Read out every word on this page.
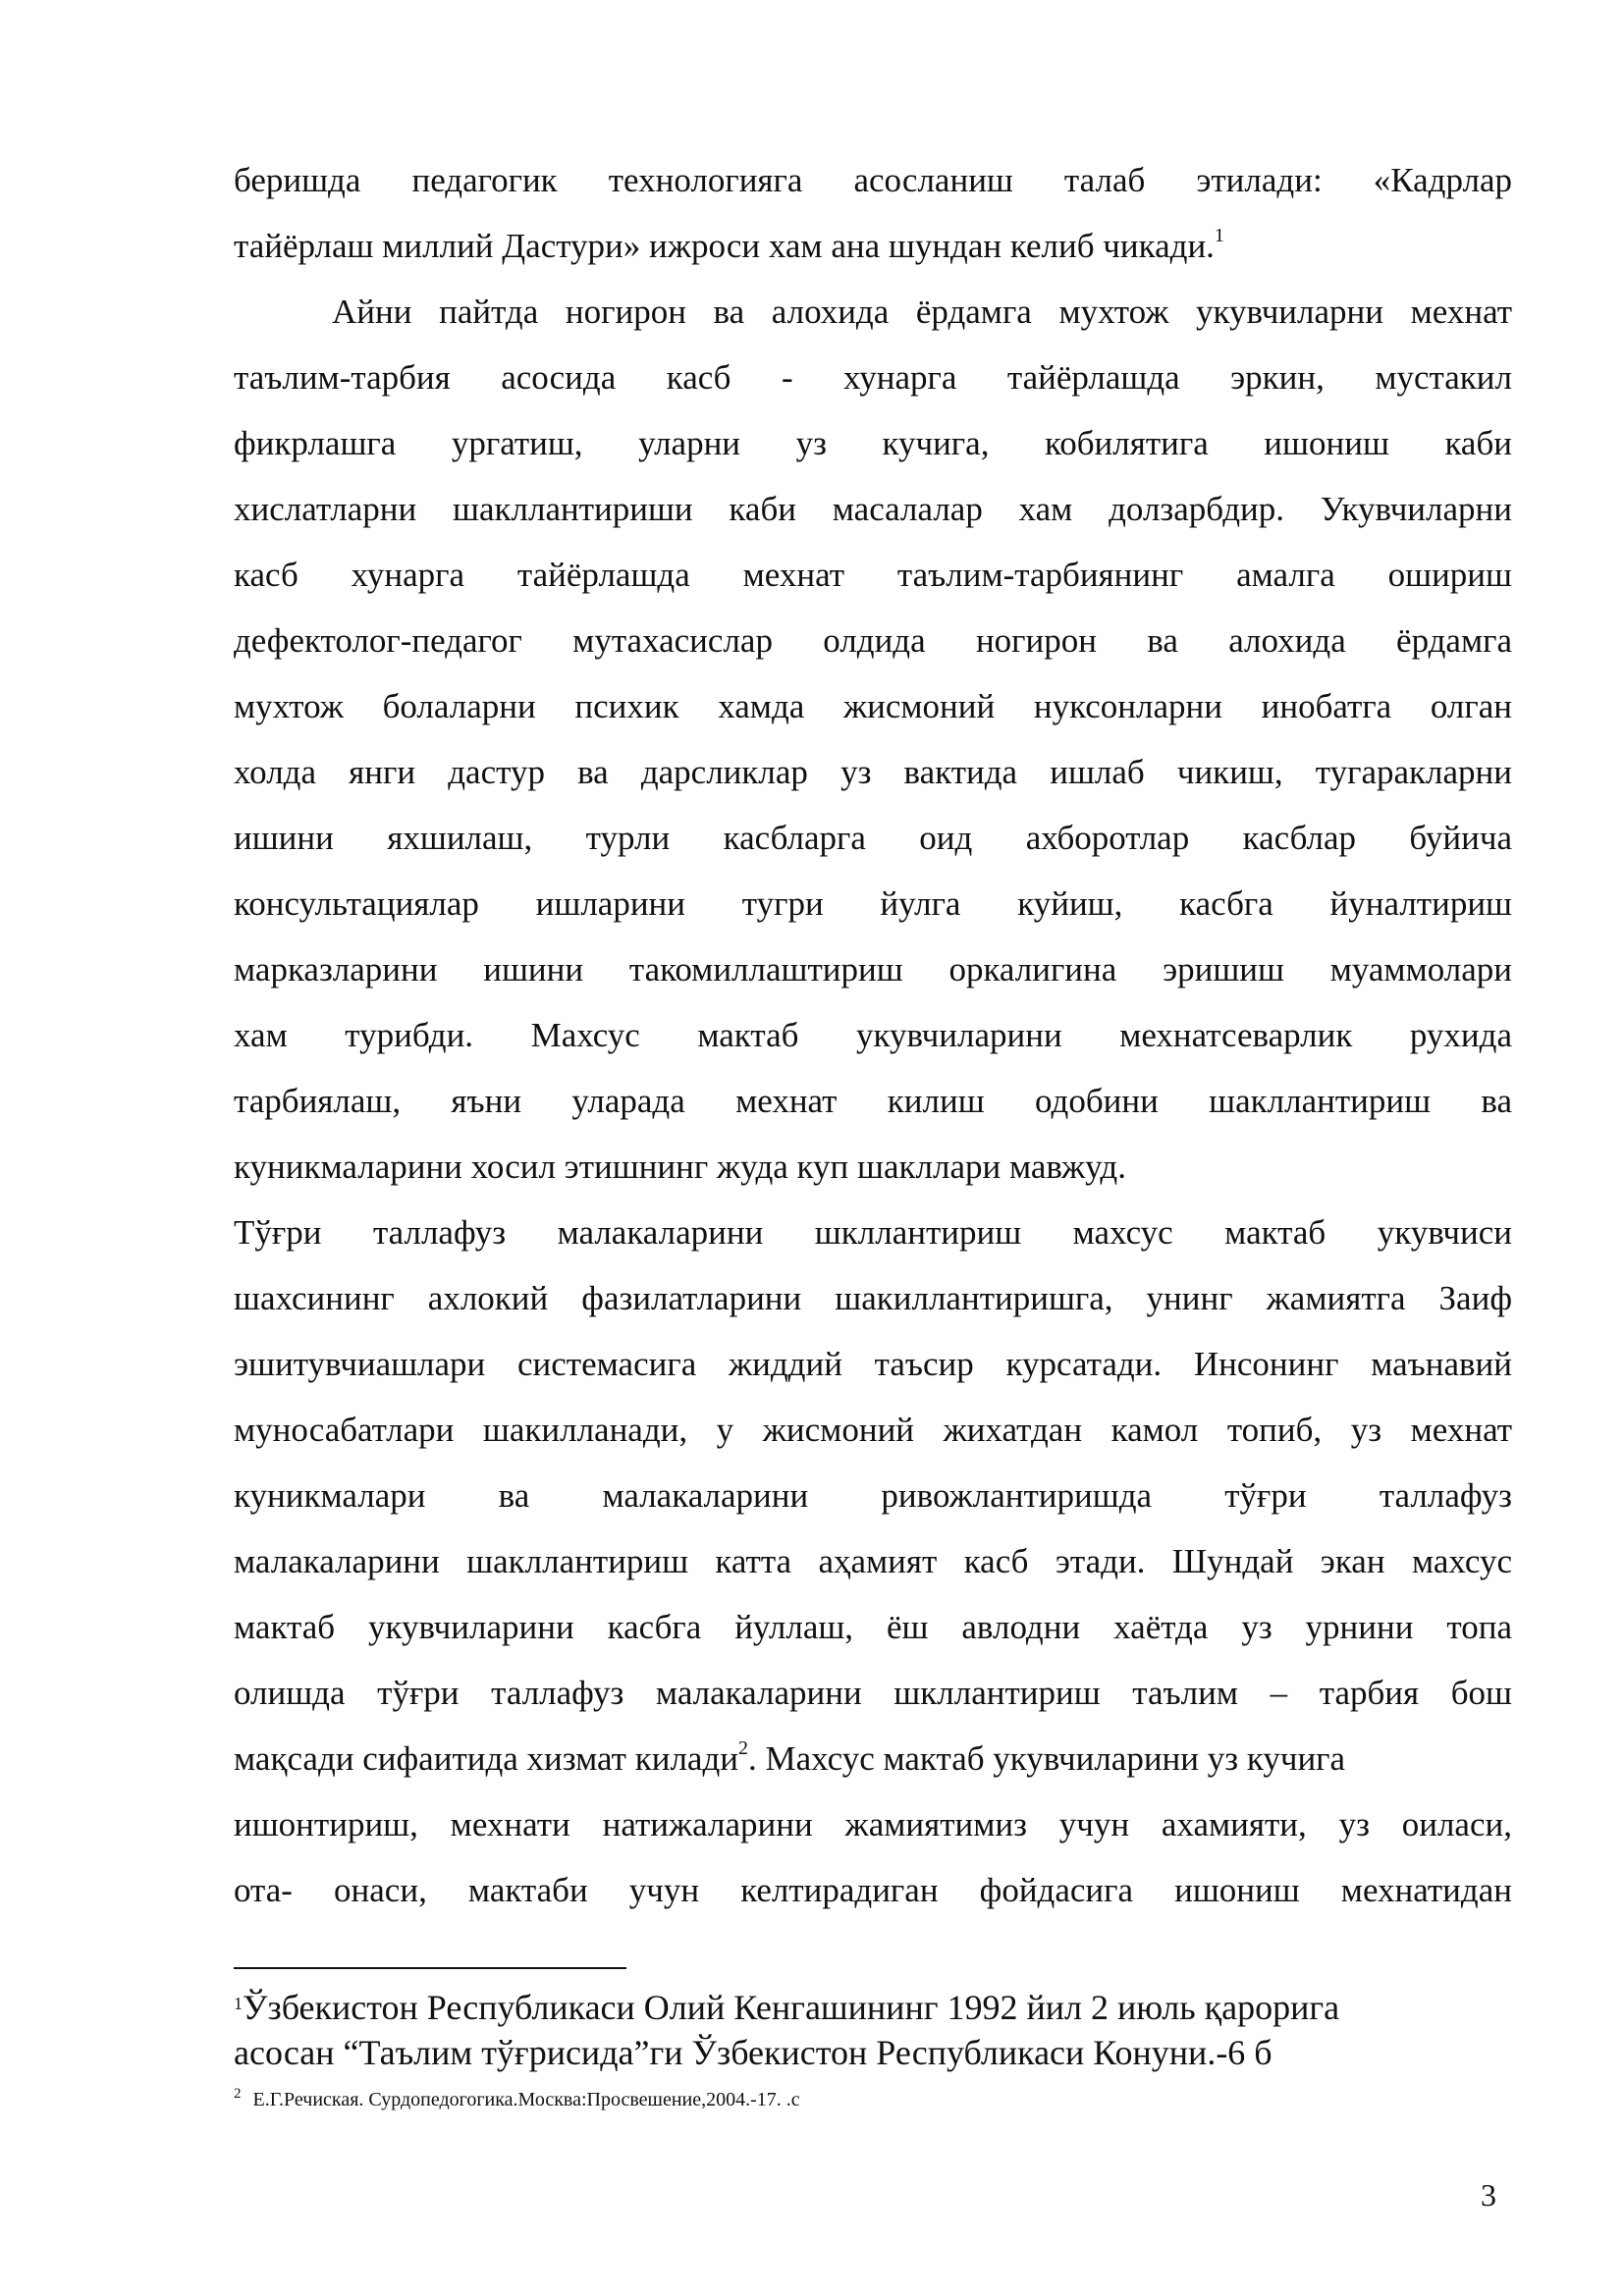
беришда педагогик технологияга асосланиш талаб этилади: «Кадрлар
тайёрлаш миллий Дастури» ижроси хам ана шундан келиб чикади.$^1$
Айни пайтда ногирон ва алохида ёрдамга мухтож укувчиларни мехнат
таълим-тарбия асосида касб - хунарга тайёрлашда эркин, мустакил
фикрлашга ургатиш, уларни уз кучига, кобилятига ишониш каби
хислатларни шакллантириши каби масалалар хам долзарбдир. Укувчиларни
касб хунарга тайёрлашда мехнат таълим-тарбиянинг амалга ошириш
дефектолог-педагог мутахасислар олдида ногирон ва алохида ёрдамга
мухтож болаларни психик хамда жисмоний нуксонларни инобатга олган
холда янги дастур ва дарсликлар уз вактида ишлаб чикиш, тугаракларни
ишини яхшилаш, турли касбларга оид ахборотлар касблар буйича
консультациялар ишларини тугри йулга куйиш, касбга йуналтириш
марказларини ишини такомиллаштириш оркалигина эришиш муаммолари
хам турибди. Махсус мактаб укувчиларини мехнатсеварлик рухида
тарбиялаш, яъни уларада мехнат килиш одобини шакллантириш ва
куникмаларини хосил этишнинг жуда куп шакллари мавжуд.
Тўғри таллафуз малакаларини шкллантириш махсус мактаб укувчиси
шахсининг ахлокий фазилатларини шакиллантиришга, унинг жамиятга Заиф
эшитувчиашлари системасига жиддий таъсир курсатади. Инсонинг маънавий
муносабатлари шакилланади, у жисмоний жихатдан камол топиб, уз мехнат
куникмалари ва малакаларини ривожлантиришда тўғри таллафуз
малакаларини шакллантириш катта аҳамият касб этади. Шундай экан махсус
мактаб укувчиларини касбга йуллаш, ёш авлодни хаётда уз урнини топа
олишда тўғри таллафуз малакаларини шкллантириш таълим – тарбия бош
мақсади сифаитида хизмат килади$^2$. Махсус мактаб укувчиларини уз кучига
ишонтириш, мехнати натижаларини жамиятимиз учун ахамияти, уз оиласи,
ота- онаси, мактаби учун келтирадиган фойдасига ишониш мехнатидан
$^1$Ўзбекистон Республикаси Олий Кенгашининг 1992 йил 2 июль қарорига
асосан “Таълим тўғрисида”ги Ўзбекистон Республикаси Конуни.-6 б
$^2$ Е.Г.Речиская. Сурдопедогогика.Москва:Просвешение,2004.-17. .с
3
